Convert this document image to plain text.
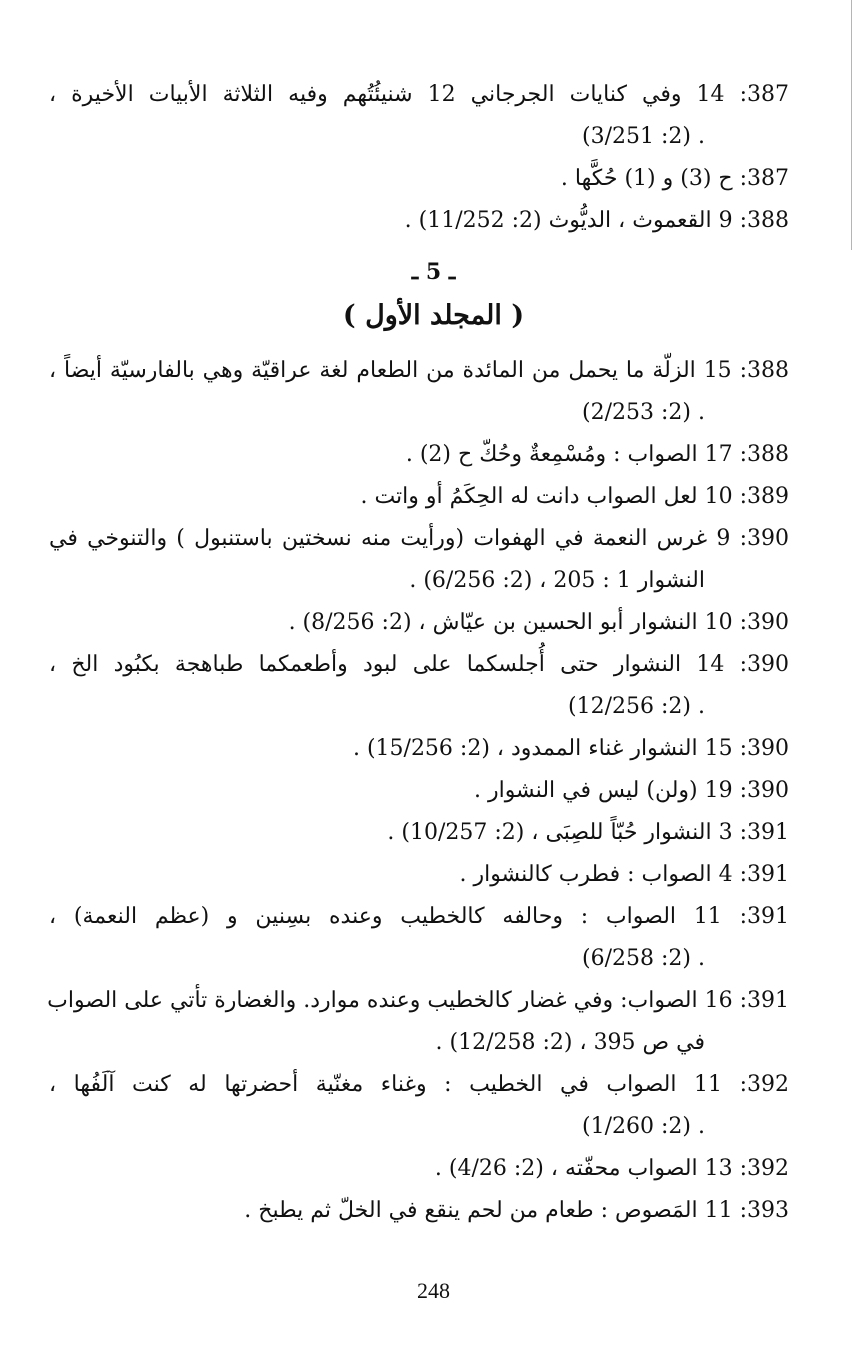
387: 14 وفي كنايات الجرجاني 12 شنيئُتُهم وفيه الثلاثة الأبيات الأخيرة ،
. (2: 3/251)
387: ح (3) و (1) حُكَّها .
388: 9 القعموث ، الديُّوث (2: 11/252) .
ـ 5 ـ
( المجلد الأول )
388: 15 الزلّة ما يحمل من المائدة من الطعام لغة عراقيّة وهي بالفارسيّة أيضاً ،
. (2: 2/253)
388: 17 الصواب : ومُسْمِعةٌ وحُكّ ح (2) .
389: 10 لعل الصواب دانت له الحِكَمُ أو واتت .
390: 9 غرس النعمة في الهفوات (ورأيت منه نسختين باستنبول ) والتنوخي في
النشوار 1 : 205 ، (2: 6/256) .
390: 10 النشوار أبو الحسين بن عيّاش ، (2: 8/256) .
390: 14 النشوار حتى أُجلسكما على لبود وأطعمكما طباهجة بكبُود الخ ،
. (2: 12/256)
390: 15 النشوار غناء الممدود ، (2: 15/256) .
390: 19 (ولن) ليس في النشوار .
391: 3 النشوار حُبّاً للصِبَى ، (2: 10/257) .
391: 4 الصواب : فطرب كالنشوار .
391: 11 الصواب : وحالفه كالخطيب وعنده بسِنين و (عظم النعمة) ،
. (2: 6/258)
391: 16 الصواب: وفي غضار كالخطيب وعنده موارد. والغضارة تأتي على الصواب
في ص 395 ، (2: 12/258) .
392: 11 الصواب في الخطيب : وغناء مغنّية أحضرتها له كنت آلَفُها ،
. (2: 1/260)
392: 13 الصواب محفّته ، (2: 4/26) .
393: 11 المَصوص : طعام من لحم ينقع في الخلّ ثم يطبخ .
248
